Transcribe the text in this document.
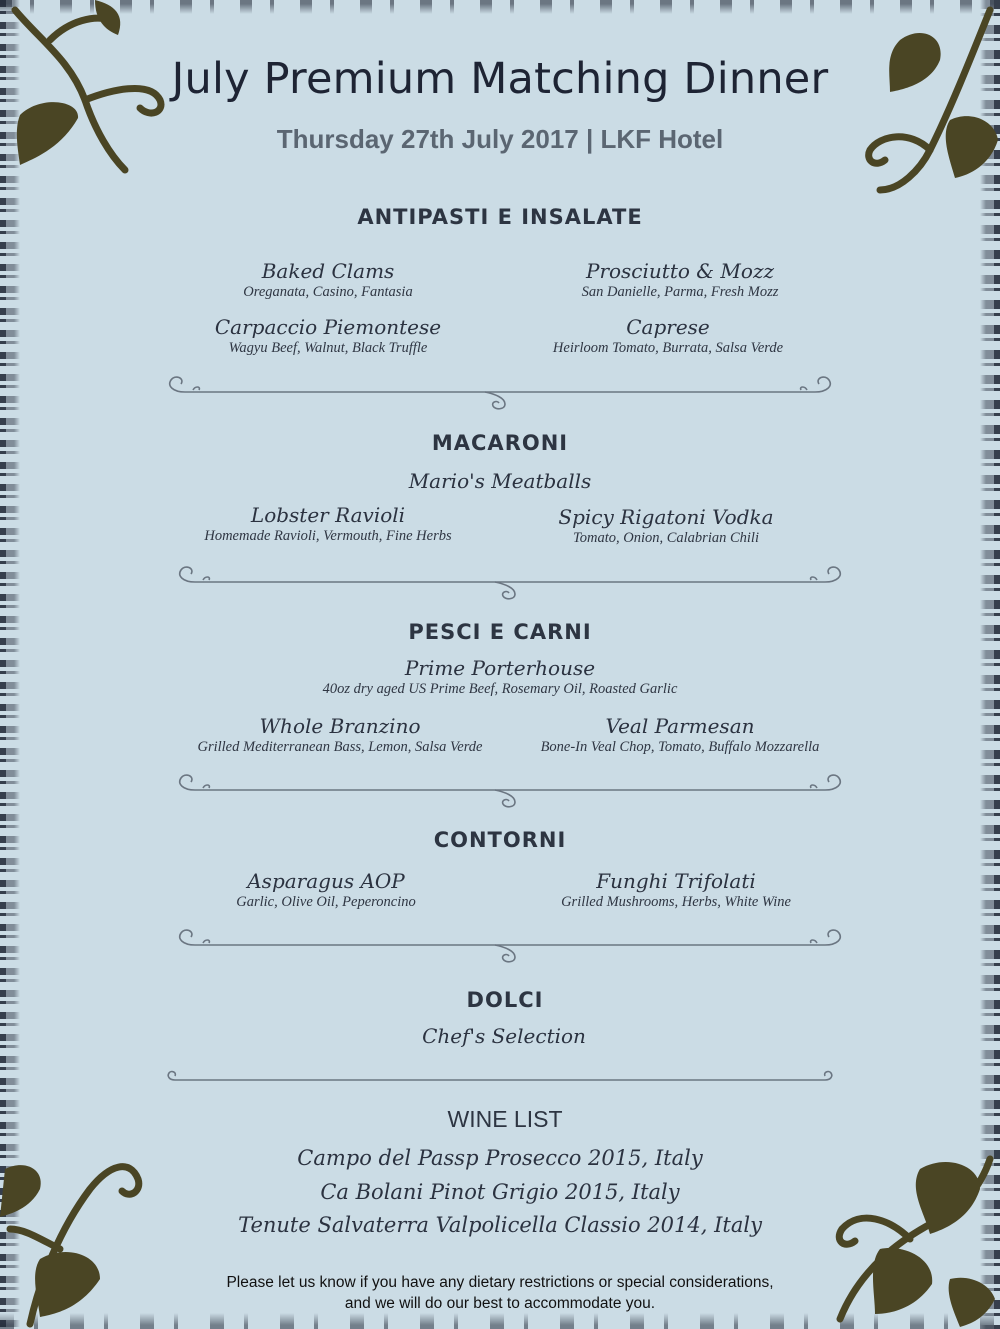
July Premium Matching Dinner
Thursday 27th July 2017 | LKF Hotel
ANTIPASTI E INSALATE
Baked Clams
Oreganata, Casino, Fantasia
Prosciutto & Mozz
San Danielle, Parma, Fresh Mozz
Carpaccio Piemontese
Wagyu Beef, Walnut, Black Truffle
Caprese
Heirloom Tomato, Burrata, Salsa Verde
MACARONI
Mario's Meatballs
Lobster Ravioli
Homemade Ravioli, Vermouth, Fine Herbs
Spicy Rigatoni Vodka
Tomato, Onion, Calabrian Chili
PESCI E CARNI
Prime Porterhouse
40oz dry aged US Prime Beef, Rosemary Oil, Roasted Garlic
Whole Branzino
Grilled Mediterranean Bass, Lemon, Salsa Verde
Veal Parmesan
Bone-In Veal Chop, Tomato, Buffalo Mozzarella
CONTORNI
Asparagus AOP
Garlic, Olive Oil, Peperoncino
Funghi Trifolati
Grilled Mushrooms, Herbs, White Wine
DOLCI
Chef's Selection
WINE LIST

Campo del Passp Prosecco 2015, Italy

Ca Bolani Pinot Grigio 2015, Italy

Tenute Salvaterra Valpolicella Classio 2014, Italy

Please let us know if you have any dietary restrictions or special considerations,
and we will do our best to accommodate you.
